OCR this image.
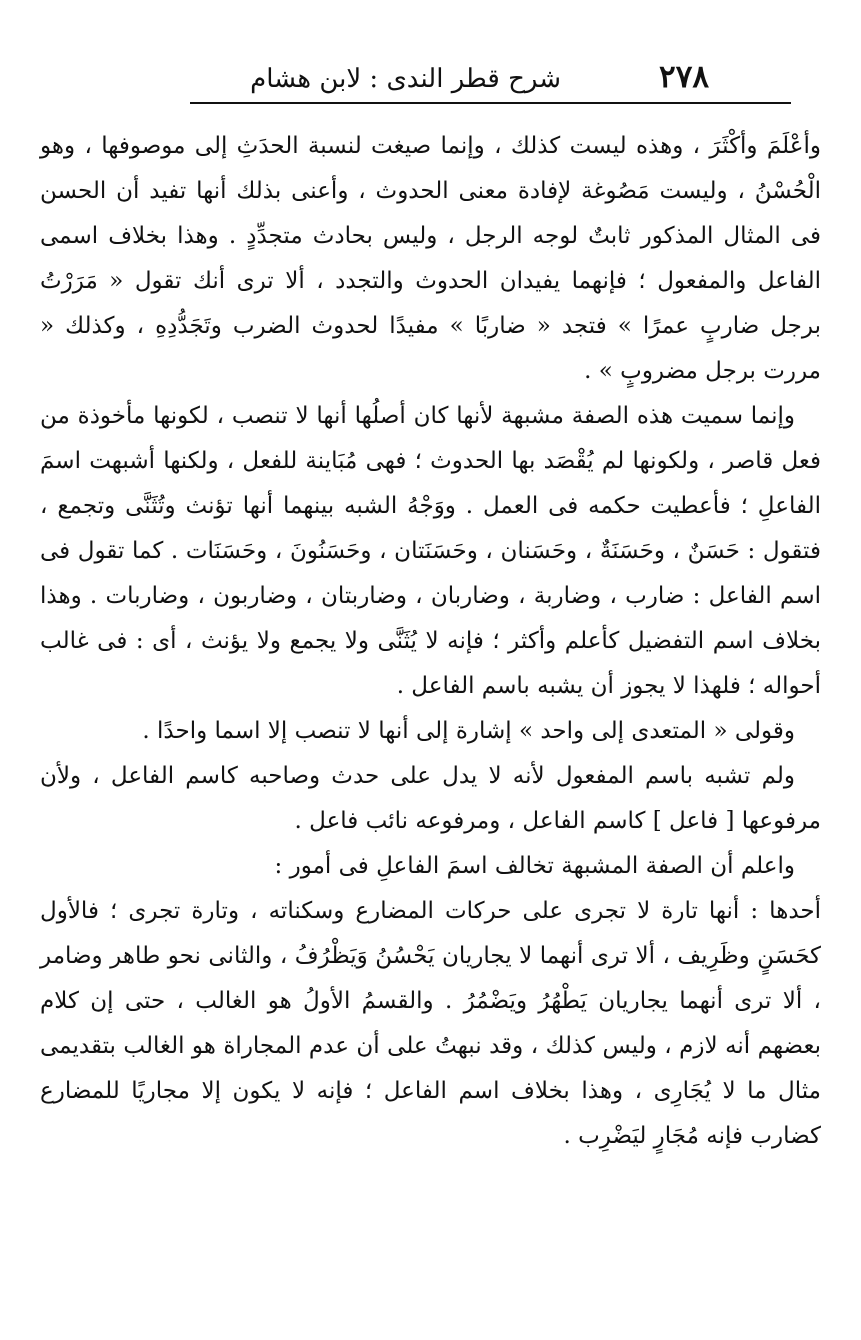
٢٧٨
شرح قطر الندى : لابن هشام

وأعْلَمَ وأكْثَرَ ، وهذه ليست كذلك ، وإنما صيغت لنسبة الحدَثِ إلى موصوفها ، وهو الْحُسْنُ ، وليست مَصُوغة لإفادة معنى الحدوث ، وأعنى بذلك أنها تفيد أن الحسن فى المثال المذكور ثابتٌ لوجه الرجل ، وليس بحادث متجدِّدٍ . وهذا بخلاف اسمى الفاعل والمفعول ؛ فإنهما يفيدان الحدوث والتجدد ، ألا ترى أنك تقول « مَرَرْتُ برجل ضاربٍ عمرًا » فتجد « ضاربًا » مفيدًا لحدوث الضرب وتَجَدُّدِهِ ، وكذلك « مررت برجل مضروبٍ » .

وإنما سميت هذه الصفة مشبهة لأنها كان أصلُها أنها لا تنصب ، لكونها مأخوذة من فعل قاصر ، ولكونها لم يُقْصَد بها الحدوث ؛ فهى مُبَاينة للفعل ، ولكنها أشبهت اسمَ الفاعلِ ؛ فأعطيت حكمه فى العمل . ووَجْهُ الشبه بينهما أنها تؤنث وتُثَنَّى وتجمع ، فتقول : حَسَنٌ ، وحَسَنَةٌ ، وحَسَنان ، وحَسَنَتان ، وحَسَنُونَ ، وحَسَنَات . كما تقول فى اسم الفاعل : ضارب ، وضاربة ، وضاربان ، وضاربتان ، وضاربون ، وضاربات . وهذا بخلاف اسم التفضيل كأعلم وأكثر ؛ فإنه لا يُثَنَّى ولا يجمع ولا يؤنث ، أى : فى غالب أحواله ؛ فلهذا لا يجوز أن يشبه باسم الفاعل .

وقولى « المتعدى إلى واحد » إشارة إلى أنها لا تنصب إلا اسما واحدًا .

ولم تشبه باسم المفعول لأنه لا يدل على حدث وصاحبه كاسم الفاعل ، ولأن مرفوعها [ فاعل ] كاسم الفاعل ، ومرفوعه نائب فاعل .

واعلم أن الصفة المشبهة تخالف اسمَ الفاعلِ فى أمور :

أحدها : أنها تارة لا تجرى على حركات المضارع وسكناته ، وتارة تجرى ؛ فالأول كحَسَنٍ وظَرِيف ، ألا ترى أنهما لا يجاريان يَحْسُنُ وَيَظْرُفُ ، والثانى نحو طاهر وضامر ، ألا ترى أنهما يجاريان يَطْهُرُ ويَضْمُرُ . والقسمُ الأولُ هو الغالب ، حتى إن كلام بعضهم أنه لازم ، وليس كذلك ، وقد نبهتُ على أن عدم المجاراة هو الغالب بتقديمى مثال ما لا يُجَارِى ، وهذا بخلاف اسم الفاعل ؛ فإنه لا يكون إلا مجاريًا للمضارع كضارب فإنه مُجَارٍ ليَضْرِب .
